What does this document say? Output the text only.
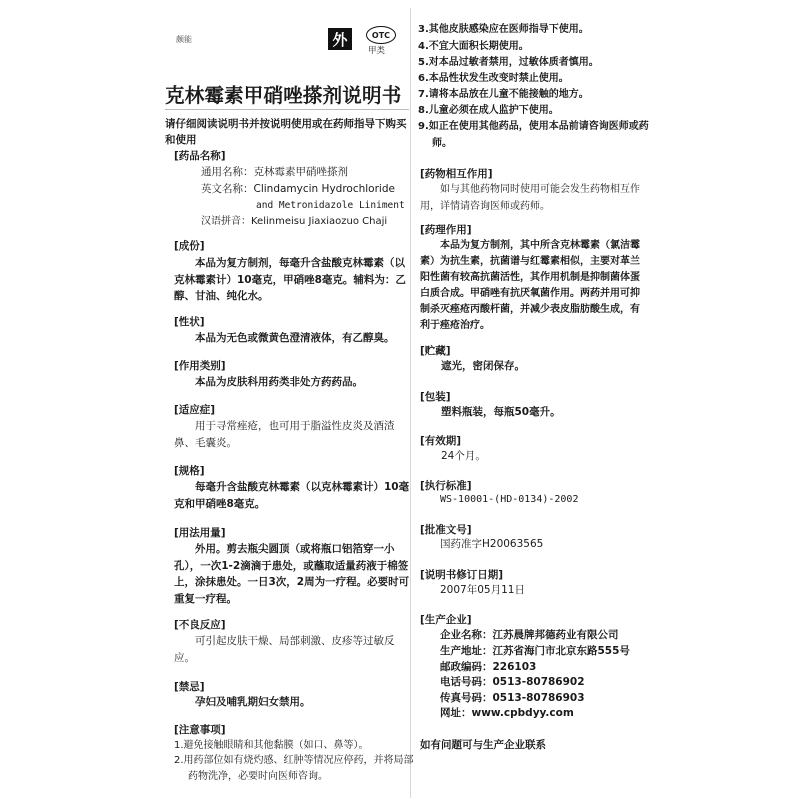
颇能	外	OTC
甲类
克林霉素甲硝唑搽剂说明书
请仔细阅读说明书并按说明使用或在药师指导下购买和使用
[药品名称]
通用名称：克林霉素甲硝唑搽剂
英文名称：Clindamycin Hydrochloride
and Metronidazole Liniment
汉语拼音：Kelinmeisu Jiaxiaozuo Chaji
[成份]
本品为复方制剂，每毫升含盐酸克林霉素（以克林霉素计）10毫克，甲硝唑8毫克。辅料为：乙醇、甘油、纯化水。
[性状]
本品为无色或微黄色澄清液体，有乙醇臭。
[作用类别]
本品为皮肤科用药类非处方药药品。
[适应症]
用于寻常痤疮，也可用于脂溢性皮炎及酒渣鼻、毛囊炎。
[规格]
每毫升含盐酸克林霉素（以克林霉素计）10毫克和甲硝唑8毫克。
[用法用量]
外用。剪去瓶尖圆顶（或将瓶口铝箔穿一小孔），一次1-2滴滴于患处，或蘸取适量药液于棉签上，涂抹患处。一日3次，2周为一疗程。必要时可重复一疗程。
[不良反应]
可引起皮肤干燥、局部刺激、皮疹等过敏反应。
[禁忌]
孕妇及哺乳期妇女禁用。
[注意事项]
1.避免接触眼睛和其他黏膜（如口、鼻等）。
2.用药部位如有烧灼感、红肿等情况应停药，并将局部药物洗净，必要时向医师咨询。
3.其他皮肤感染应在医师指导下使用。
4.不宜大面积长期使用。
5.对本品过敏者禁用，过敏体质者慎用。
6.本品性状发生改变时禁止使用。
7.请将本品放在儿童不能接触的地方。
8.儿童必须在成人监护下使用。
9.如正在使用其他药品，使用本品前请咨询医师或药师。
[药物相互作用]
如与其他药物同时使用可能会发生药物相互作用，详情请咨询医师或药师。
[药理作用]
本品为复方制剂，其中所含克林霉素（氯洁霉素）为抗生素，抗菌谱与红霉素相似，主要对革兰阳性菌有较高抗菌活性，其作用机制是抑制菌体蛋白质合成。甲硝唑有抗厌氧菌作用。两药并用可抑制杀灭痤疮丙酸杆菌，并减少表皮脂肪酸生成，有利于痤疮治疗。
[贮藏]
遮光，密闭保存。
[包装]
塑料瓶装，每瓶50毫升。
[有效期]
24个月。
[执行标准]
WS-10001-(HD-0134)-2002
[批准文号]
国药准字H20063565
[说明书修订日期]
2007年05月11日
[生产企业]
企业名称：江苏晨牌邦德药业有限公司
生产地址：江苏省海门市北京东路555号
邮政编码：226103
电话号码：0513-80786902
传真号码：0513-80786903
网址：www.cpbdyy.com
如有问题可与生产企业联系
